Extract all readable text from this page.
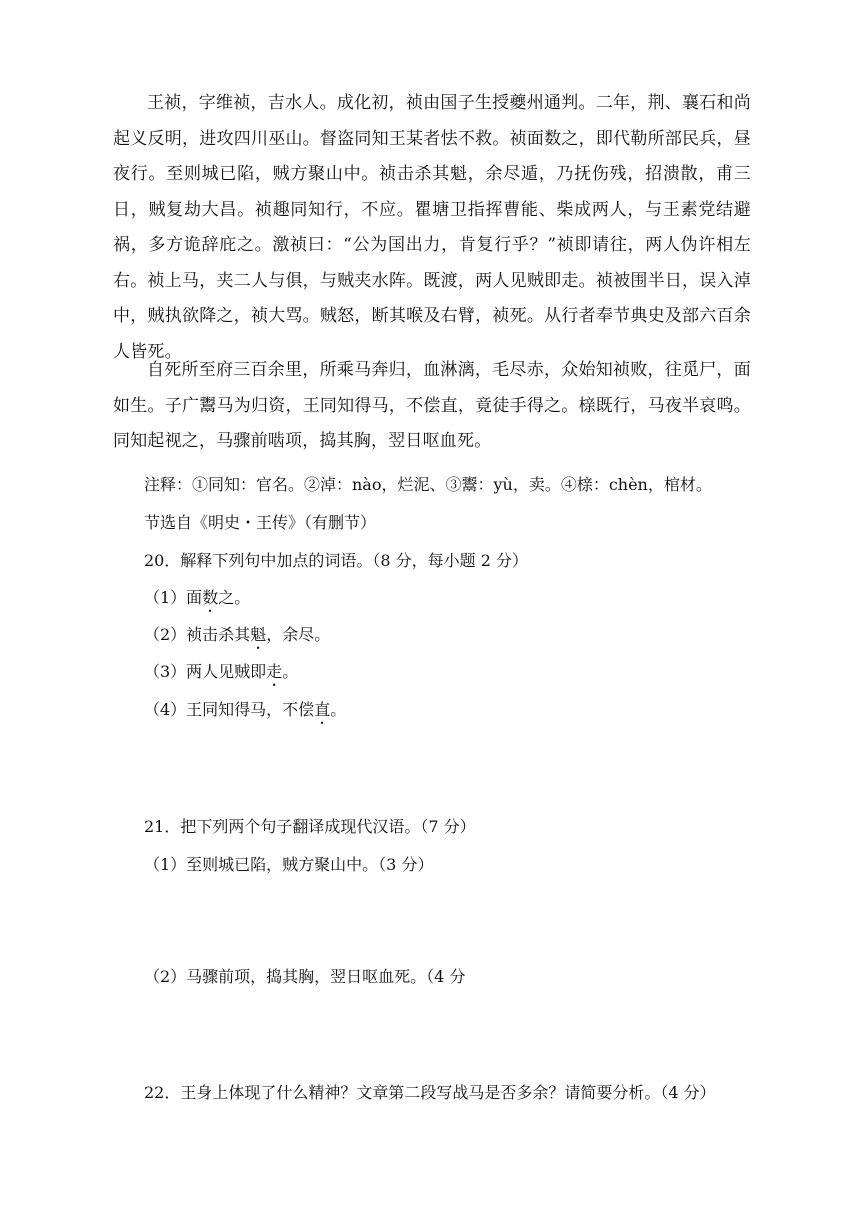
王祯，字维祯，吉水人。成化初，祯由国子生授夔州通判。二年，荆、襄石和尚起义反明，进攻四川巫山。督盗同知王某者怯不救。祯面数之，即代勒所部民兵，昼夜行。至则城已陷，贼方聚山中。祯击杀其魁，余尽遁，乃抚伤残，招溃散，甫三日，贼复劫大昌。祯趣同知行，不应。瞿塘卫指挥曹能、柴成两人，与王素党结避祸，多方诡辞庇之。激祯曰：“公为国出力，肯复行乎？”祯即请往，两人伪许相左右。祯上马，夹二人与俱，与贼夹水阵。既渡，两人见贼即走。祯被围半日，误入淖中，贼执欲降之，祯大骂。贼怒，断其喉及右臂，祯死。从行者奉节典史及部六百余人皆死。

自死所至府三百余里，所乘马奔归，血淋漓，毛尽赤，众始知祯败，往觅尸，面如生。子广鬻马为归资，王同知得马，不偿直，竟徒手得之。榇既行，马夜半哀鸣。同知起视之，马骤前啮项，捣其胸，翌日呕血死。

注释：①同知：官名。②淖：nào，烂泥、③鬻：yù，卖。④榇：chèn，棺材。

节选自《明史・王传》（有删节）

20．解释下列句中加点的词语。（8 分，每小题 2 分）

（1）面数之。

（2）祯击杀其魁，余尽。

（3）两人见贼即走。

（4）王同知得马，不偿直。

21．把下列两个句子翻译成现代汉语。（7 分）

（1）至则城已陷，贼方聚山中。（3 分）

（2）马骤前项，捣其胸，翌日呕血死。（4 分

22．王身上体现了什么精神？文章第二段写战马是否多余？请简要分析。（4 分）
